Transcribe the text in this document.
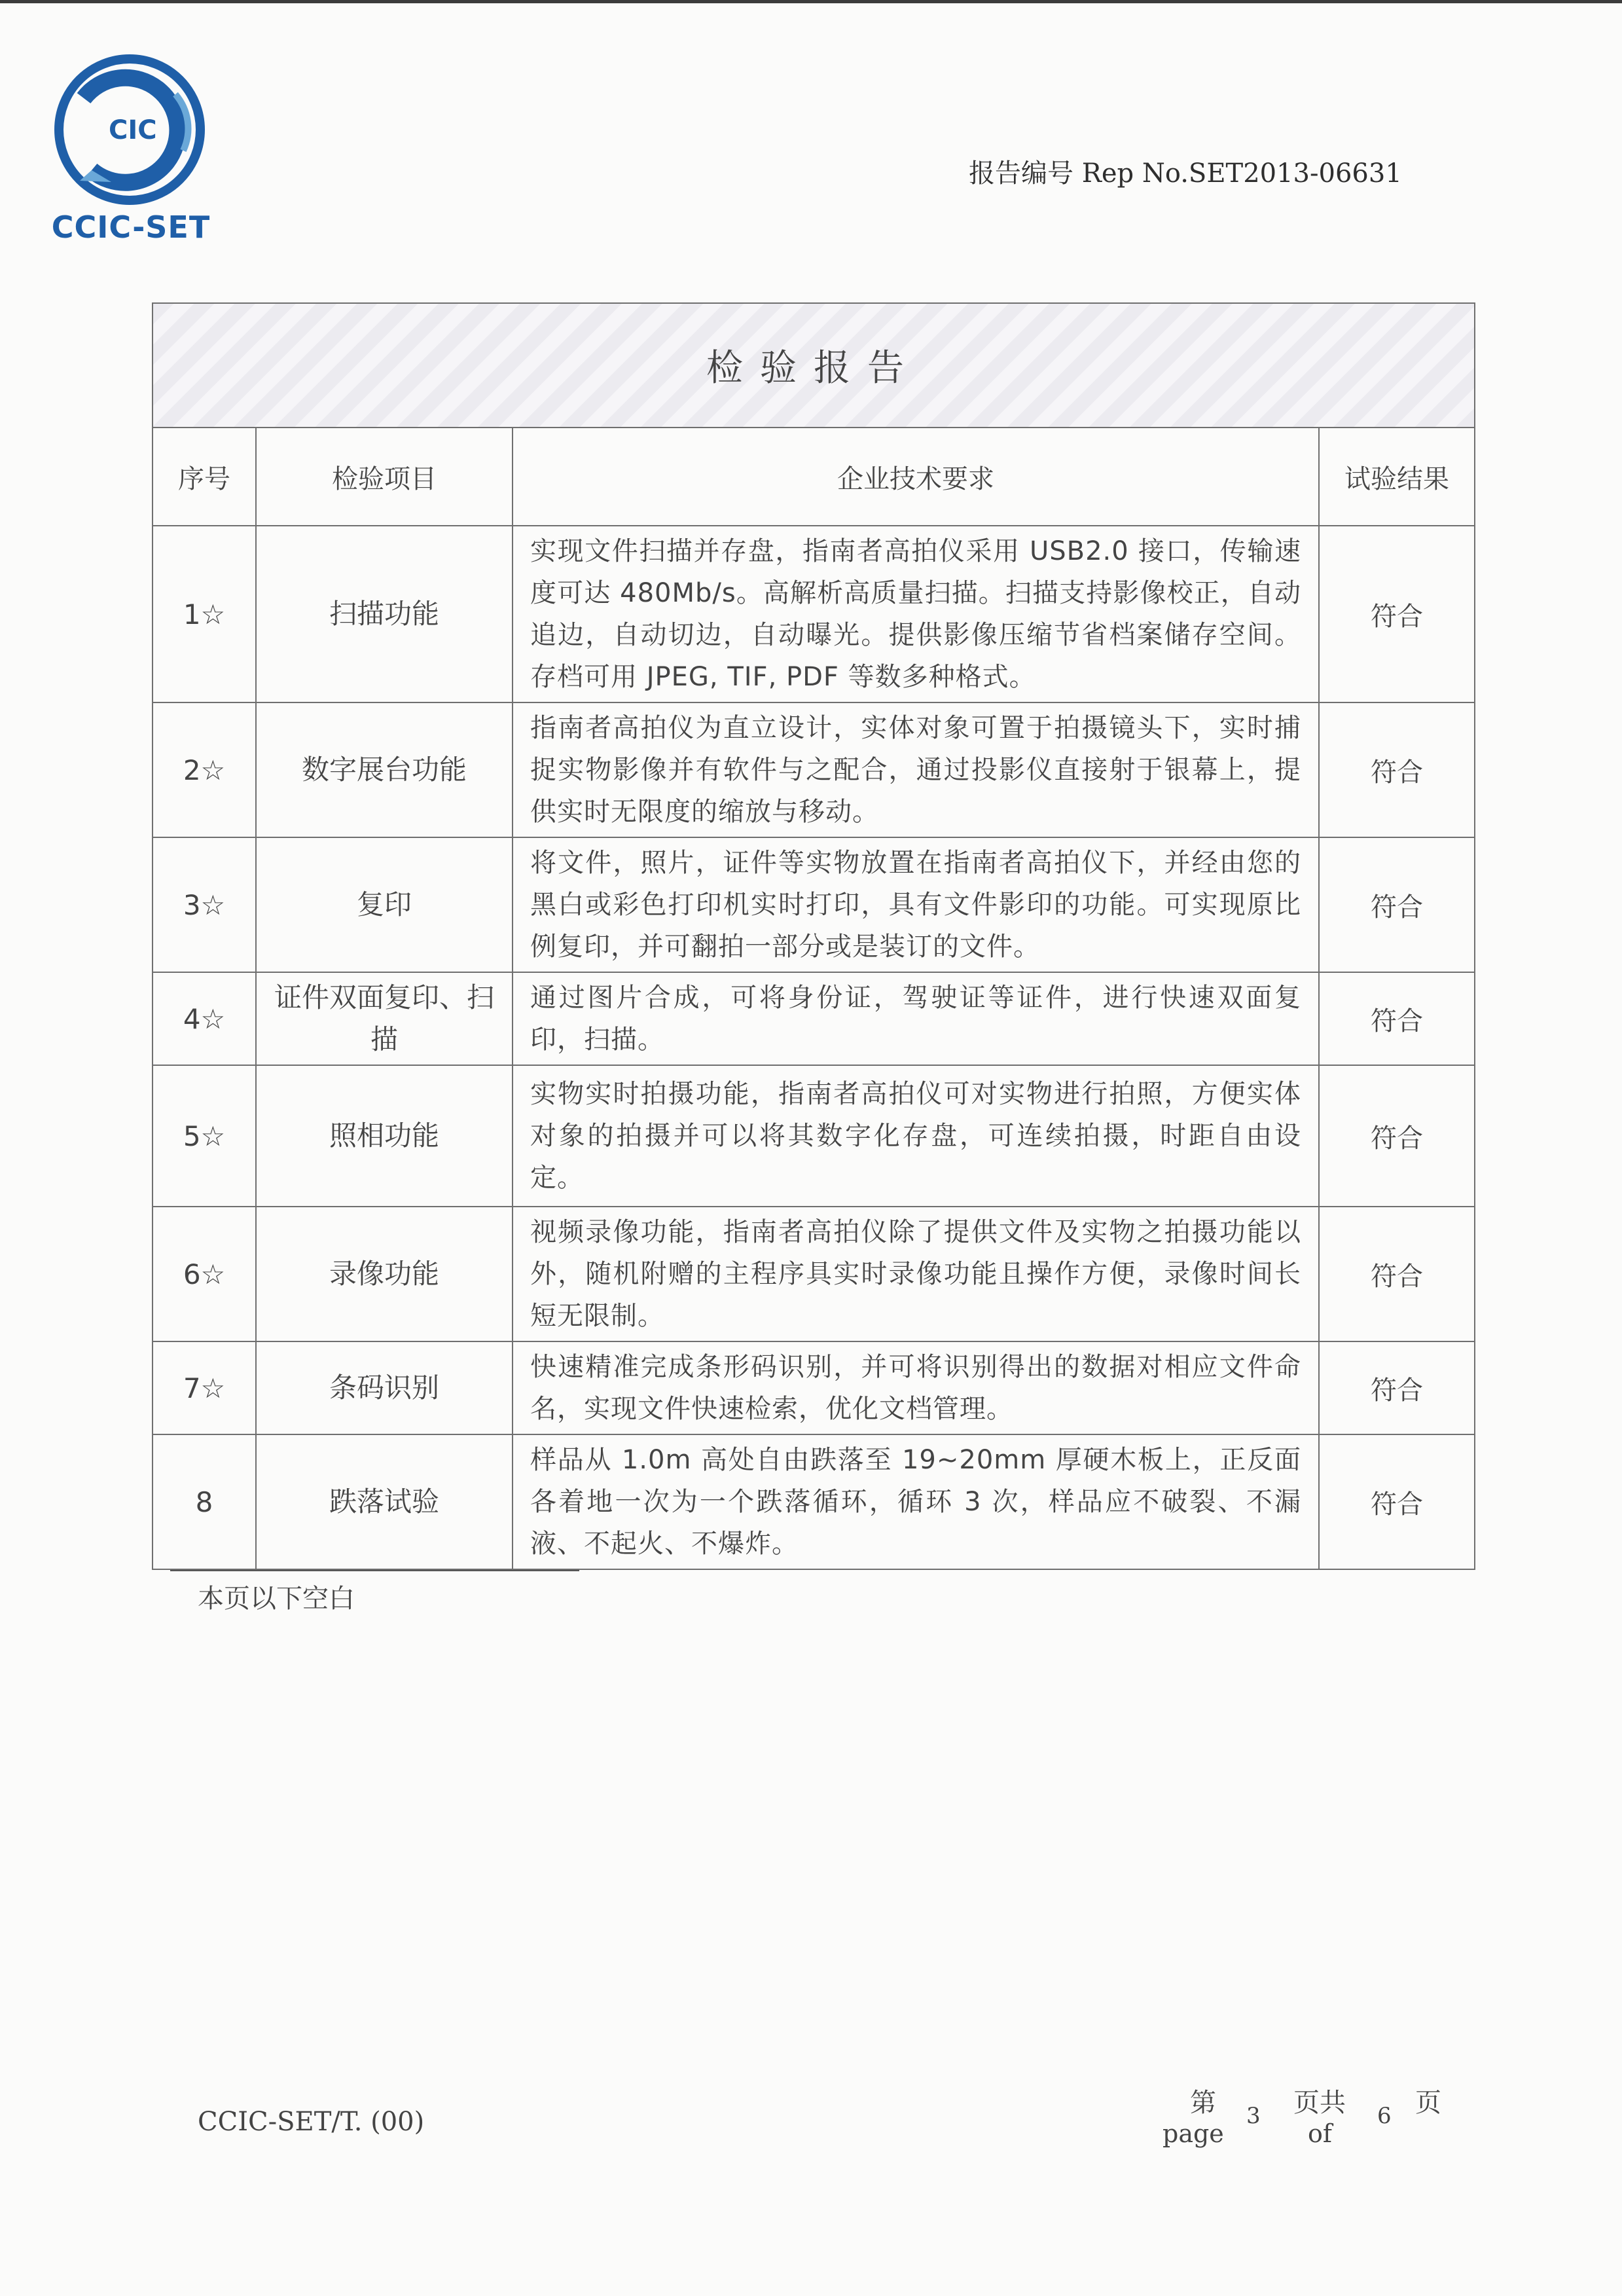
CIC
CCIC-SET
报告编号 Rep No.SET2013-06631
检验报告			
序号	检验项目	企业技术要求	试验结果
1☆	扫描功能	实现文件扫描并存盘，指南者高拍仪采用 USB2.0 接口，传输速度可达 480Mb/s。高解析高质量扫描。扫描支持影像校正，自动追边，自动切边，自动曝光。提供影像压缩节省档案储存空间。存档可用 JPEG, TIF, PDF 等数多种格式。	符合
2☆	数字展台功能	指南者高拍仪为直立设计，实体对象可置于拍摄镜头下，实时捕捉实物影像并有软件与之配合，通过投影仪直接射于银幕上，提供实时无限度的缩放与移动。	符合
3☆	复印	将文件，照片，证件等实物放置在指南者高拍仪下，并经由您的黑白或彩色打印机实时打印，具有文件影印的功能。可实现原比例复印，并可翻拍一部分或是装订的文件。	符合
4☆	证件双面复印、扫描	通过图片合成，可将身份证，驾驶证等证件，进行快速双面复印，扫描。	符合
5☆	照相功能	实物实时拍摄功能，指南者高拍仪可对实物进行拍照，方便实体对象的拍摄并可以将其数字化存盘，可连续拍摄，时距自由设定。	符合
6☆	录像功能	视频录像功能，指南者高拍仪除了提供文件及实物之拍摄功能以外，随机附赠的主程序具实时录像功能且操作方便，录像时间长短无限制。	符合
7☆	条码识别	快速精准完成条形码识别，并可将识别得出的数据对相应文件命名，实现文件快速检索，优化文档管理。	符合
8	跌落试验	样品从 1.0m 高处自由跌落至 19~20mm 厚硬木板上，正反面各着地一次为一个跌落循环，循环 3 次，样品应不破裂、不漏液、不起火、不爆炸。	符合
本页以下空白
CCIC-SET/T. (00)
第
page
3 页共
of
6 页
